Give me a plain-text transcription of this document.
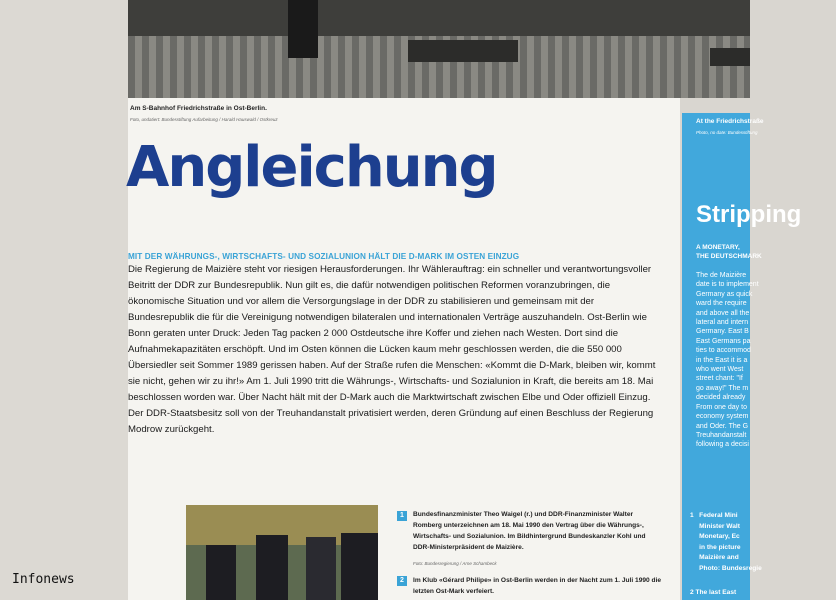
Am S-Bahnhof Friedrichstraße in Ost-Berlin.
Foto, undatiert: Bundesstiftung Aufarbeitung / Harald Hauswald / Ostkreuz
Angleichung
MIT DER WÄHRUNGS-, WIRTSCHAFTS- UND SOZIALUNION HÄLT DIE D-MARK IM OSTEN EINZUG

Die Regierung de Maizière steht vor riesigen Herausforderungen. Ihr Wählerauftrag: ein schneller und verantwortungsvoller Beitritt der DDR zur Bundesrepublik. Nun gilt es, die dafür notwendigen politischen Reformen voranzubringen, die ökonomische Situation und vor allem die Versorgungslage in der DDR zu stabilisieren und gemeinsam mit der Bundesrepublik die für die Vereinigung notwendigen bilateralen und internationalen Verträge auszuhandeln. Ost-Berlin wie Bonn geraten unter Druck: Jeden Tag packen 2 000 Ostdeutsche ihre Koffer und ziehen nach Westen. Dort sind die Aufnahmekapazitäten erschöpft. Und im Osten können die Lücken kaum mehr geschlossen werden, die die 550 000 Übersiedler seit Sommer 1989 gerissen haben. Auf der Straße rufen die Menschen: «Kommt die D-Mark, bleiben wir, kommt sie nicht, gehen wir zu ihr!» Am 1. Juli 1990 tritt die Währungs-, Wirtschafts- und Sozialunion in Kraft, die bereits am 18. Mai beschlossen worden war. Über Nacht hält mit der D-Mark auch die Marktwirtschaft zwischen Elbe und Oder offiziell Einzug. Der DDR-Staatsbesitz soll von der Treuhandanstalt privatisiert werden, deren Gründung auf einen Beschluss der Regierung Modrow zurückgeht.

1	Bundesfinanzminister Theo Waigel (r.) und DDR-Finanzminister Walter Romberg unterzeichnen am 18. Mai 1990 den Vertrag über die Währungs-, Wirtschafts- und Sozialunion. Im Bildhintergrund Bundeskanzler Kohl und DDR-Ministerpräsident de Maizière.
Foto: Bundesregierung / Arne Schambeck
2	Im Klub «Gérard Philipe» in Ost-Berlin werden in der Nacht zum 1. Juli 1990 die letzten Ost-Mark verfeiert.
At the Friedrichstraße
Photo, no date: Bundesstiftung
Stripping
A MONETARY,
THE DEUTSCHMARK
The de Maizière
date is to implement
Germany as quick
ward the require
and above all the
lateral and intern
Germany. East B
East Germans pa
ties to accommod
in the East it is a
who went West
street chant: "If
go away!" The m
decided already
From one day to
economy system
and Oder. The G
Treuhandanstalt
following a decisi
1   Federal Mini
Minister Walt
Monetary, Ec
in the picture
Maizière and
Photo: Bundesregie
2 The last East
Infonews
